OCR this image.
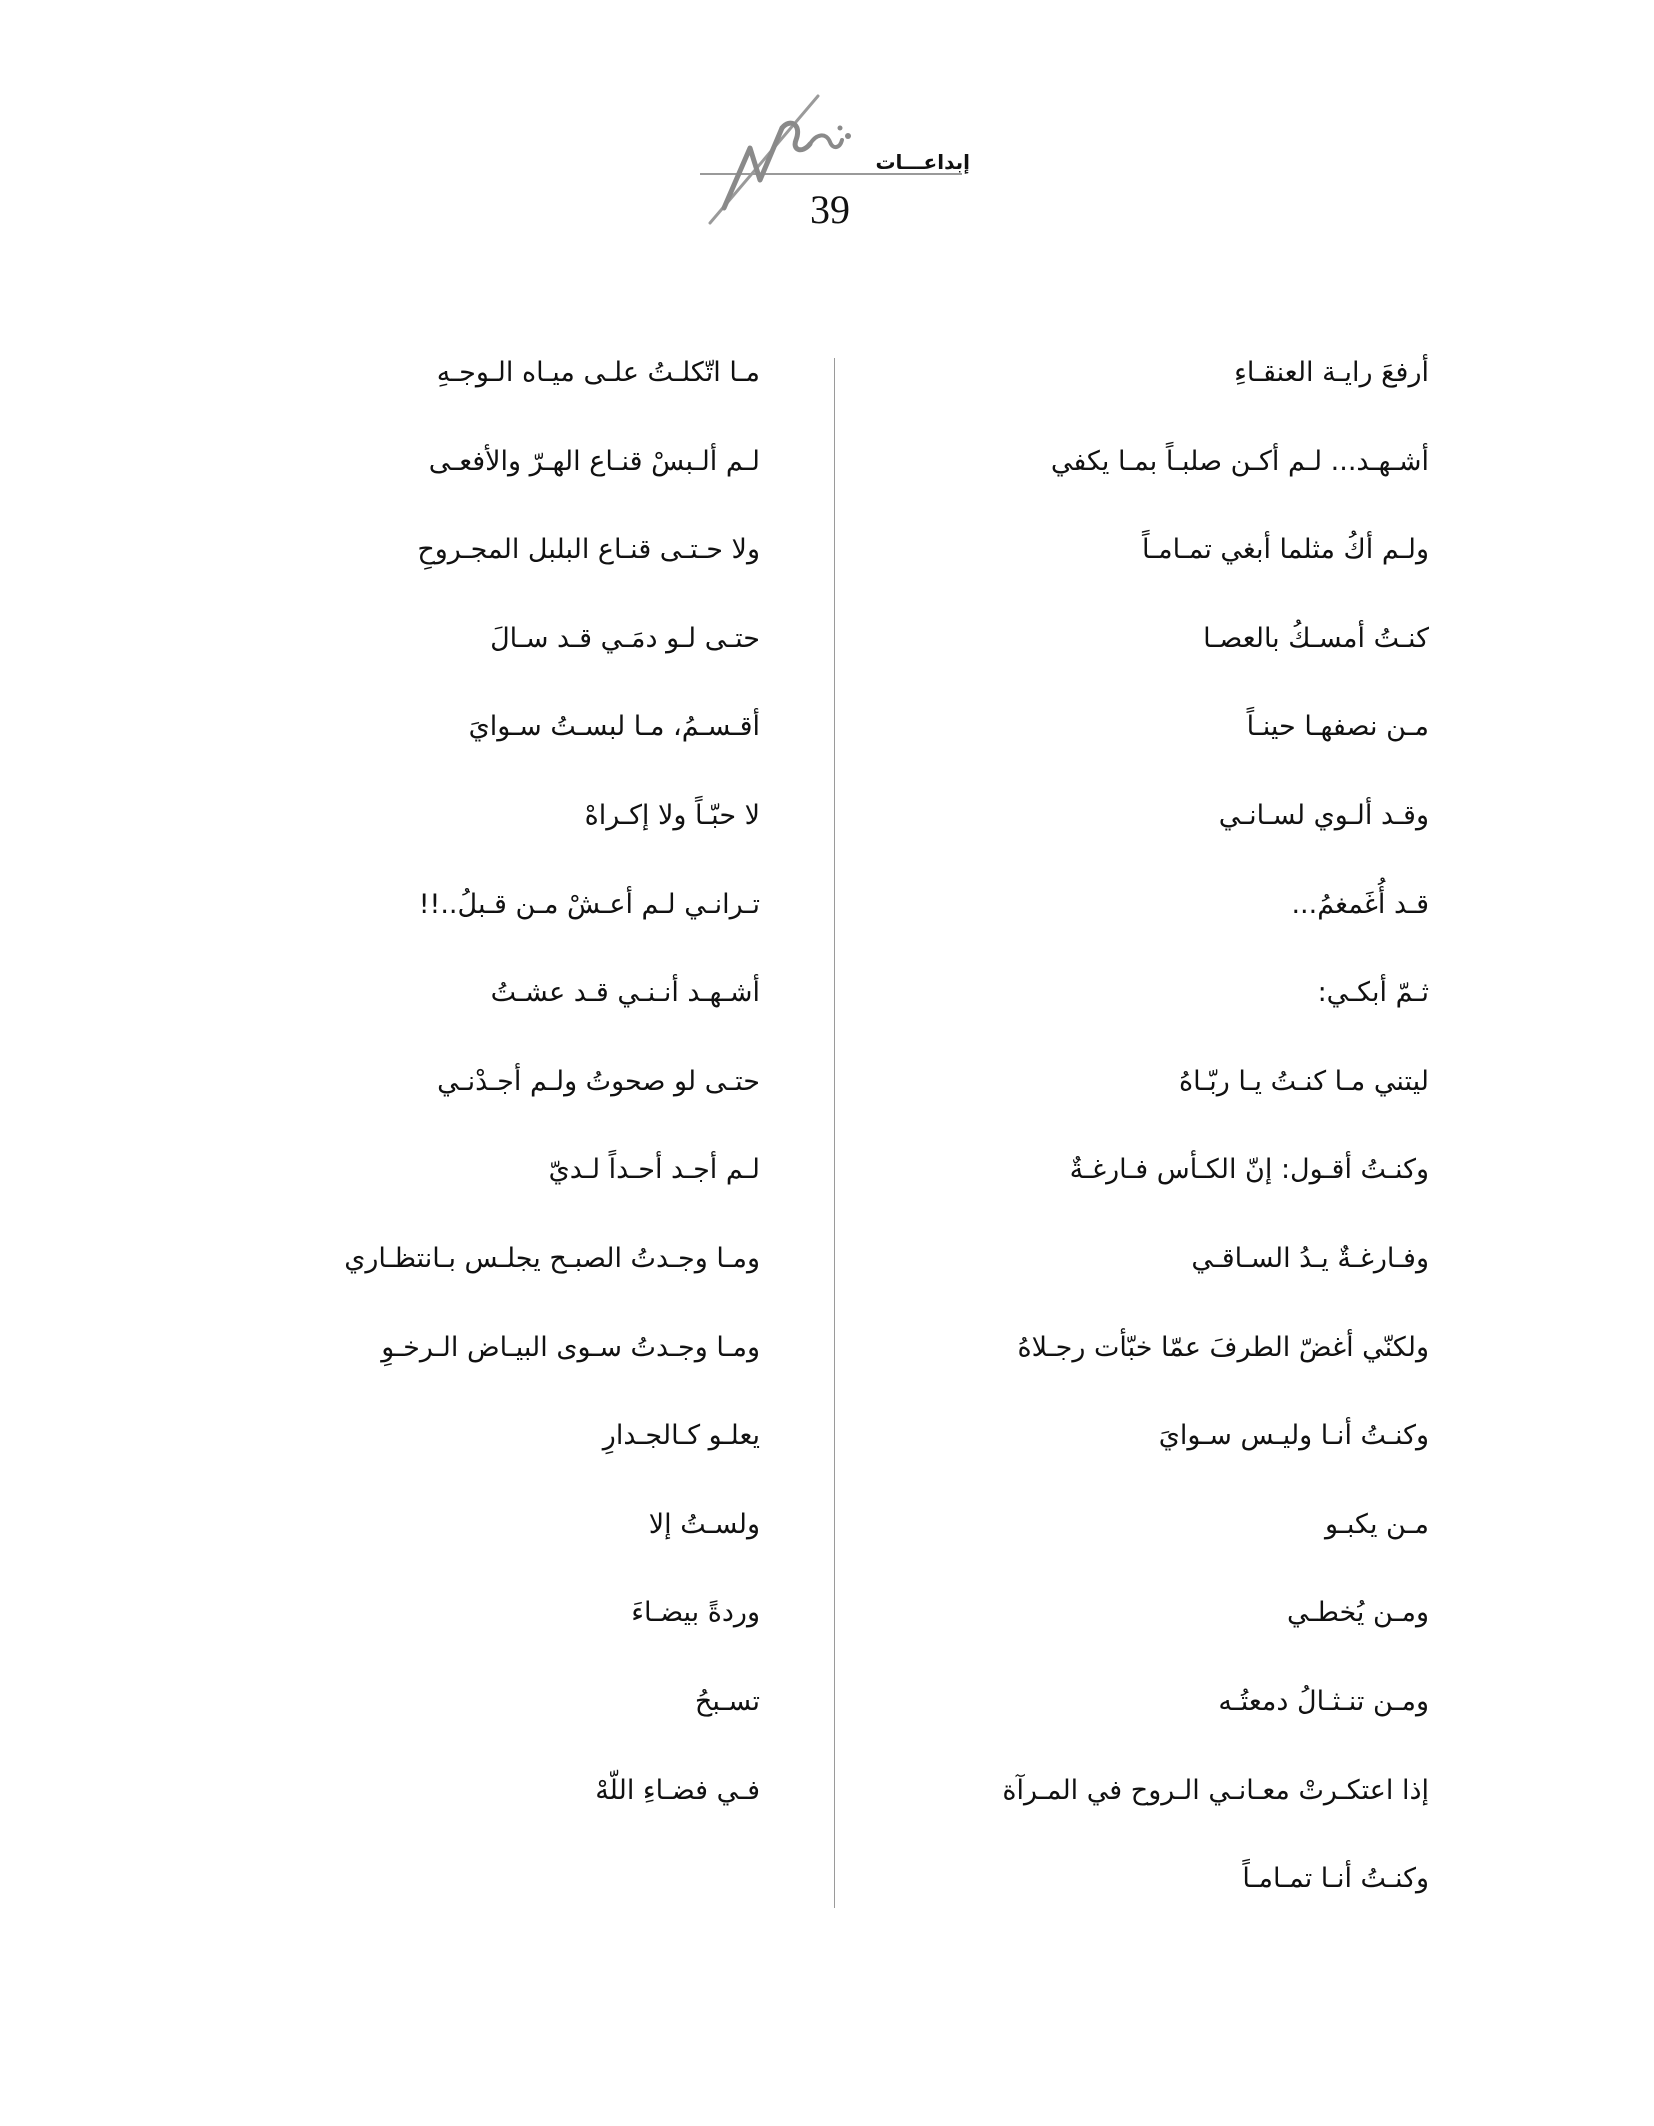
إبداعـــات
39
أرفعَ رايـة العنقـاءِ
أشـهـد... لـم أكـن صلبـاً بمـا يكفي
ولـم أكُ مثلما أبغي تمـامـاً
كنـتُ أمسـكُ بالعصـا
مـن نصفهـا حينـاً
وقـد ألـوي لسـانـي
قـد أُغَمغمُ...
ثـمّ أبكـي:
ليتني مـا كنـتُ يـا ربّـاهُ
وكنـتُ أقـول: إنّ الكـأس فـارغـةٌ
وفـارغـةٌ يـدُ السـاقـي
ولكنّي أغضّ الطرفَ عمّا خبّأت رجـلاهُ
وكنـتُ أنـا وليـس سـوايَ
مـن يكبـو
ومـن يُخطـي
ومـن تنـثـالُ دمعتُـه
إذا اعتكـرتْ معـانـي الـروح في المـرآة
وكنـتُ أنـا تمـامـاً
مـا اتّكلـتُ علـى ميـاه الـوجـهِ
لـم ألـبسْ قنـاع الهـرّ والأفعـى
ولا حـتـى قنـاع البلبل المجـروحِ
حتـى لـو دمَـي قـد سـالَ
أقـسـمُ، مـا لبسـتُ سـوايَ
لا حبّـاً ولا إكـراهْ
تـرانـي لـم أعـشْ مـن قـبلُ..!!
أشـهـد أنـنـي قـد عشـتُ
حتـى لو صحوتُ ولـم أجـدْنـي
لـم أجـد أحـداً لـديّ
ومـا وجـدتُ الصبـح يجلـس بـانتظـاري
ومـا وجـدتُ سـوى البيـاض الـرخـوِ
يعلـو كـالجـدارِ
ولسـتُ إلا
وردةً بيضـاءَ
تسـبحُ
فـي فضـاءِ اللّهْ
